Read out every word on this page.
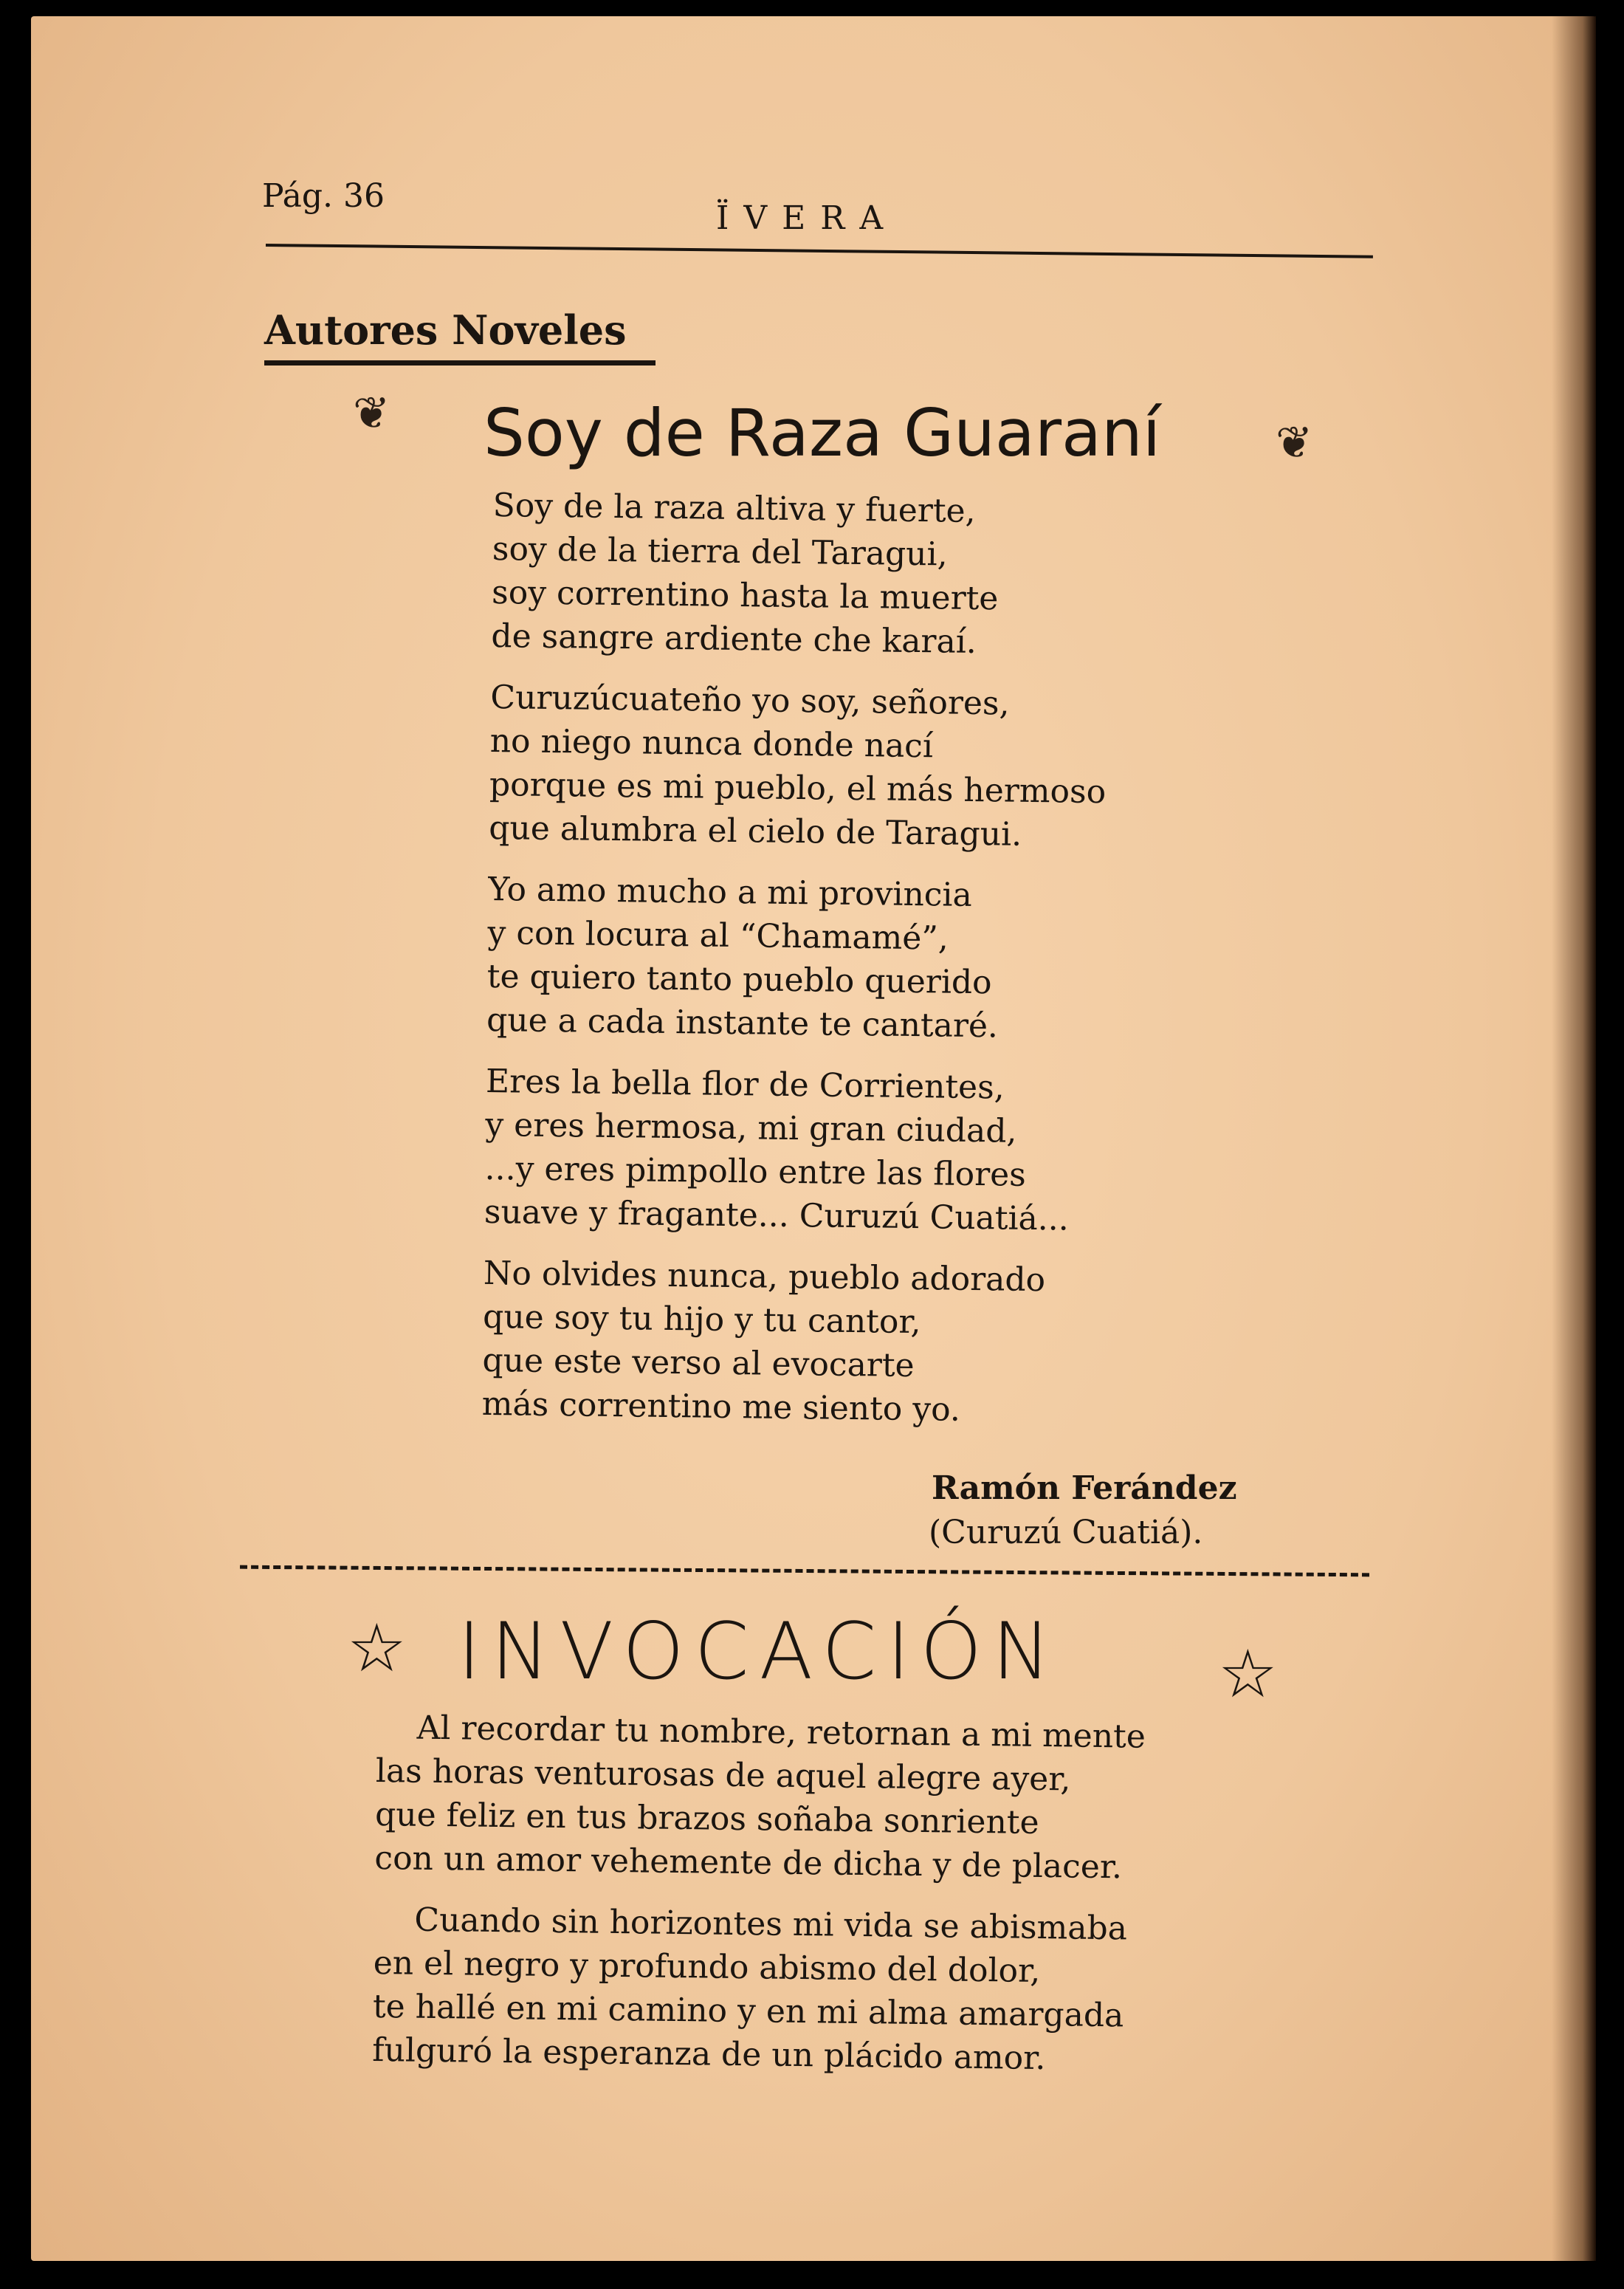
Pág. 36
ÏVERA
Autores Noveles
❦ Soy de Raza Guaraní	❦
Soy de la raza altiva y fuerte,
soy de la tierra del Taragui,
soy correntino hasta la muerte
de sangre ardiente che karaí.
Curuzúcuateño yo soy, señores,
no niego nunca donde nací
porque es mi pueblo, el más hermoso
que alumbra el cielo de Taragui.
Yo amo mucho a mi provincia
y con locura al “Chamamé”,
te quiero tanto pueblo querido
que a cada instante te cantaré.
Eres la bella flor de Corrientes,
y eres hermosa, mi gran ciudad,
...y eres pimpollo entre las flores
suave y fragante... Curuzú Cuatiá...
No olvides nunca, pueblo adorado
que soy tu hijo y tu cantor,
que este verso al evocarte
más correntino me siento yo.
Ramón Ferández
(Curuzú Cuatiá).
☆ INVOCACIÓN ☆
Al recordar tu nombre, retornan a mi mente
las horas venturosas de aquel alegre ayer,
que feliz en tus brazos soñaba sonriente
con un amor vehemente de dicha y de placer.
Cuando sin horizontes mi vida se abismaba
en el negro y profundo abismo del dolor,
te hallé en mi camino y en mi alma amargada
fulguró la esperanza de un plácido amor.
